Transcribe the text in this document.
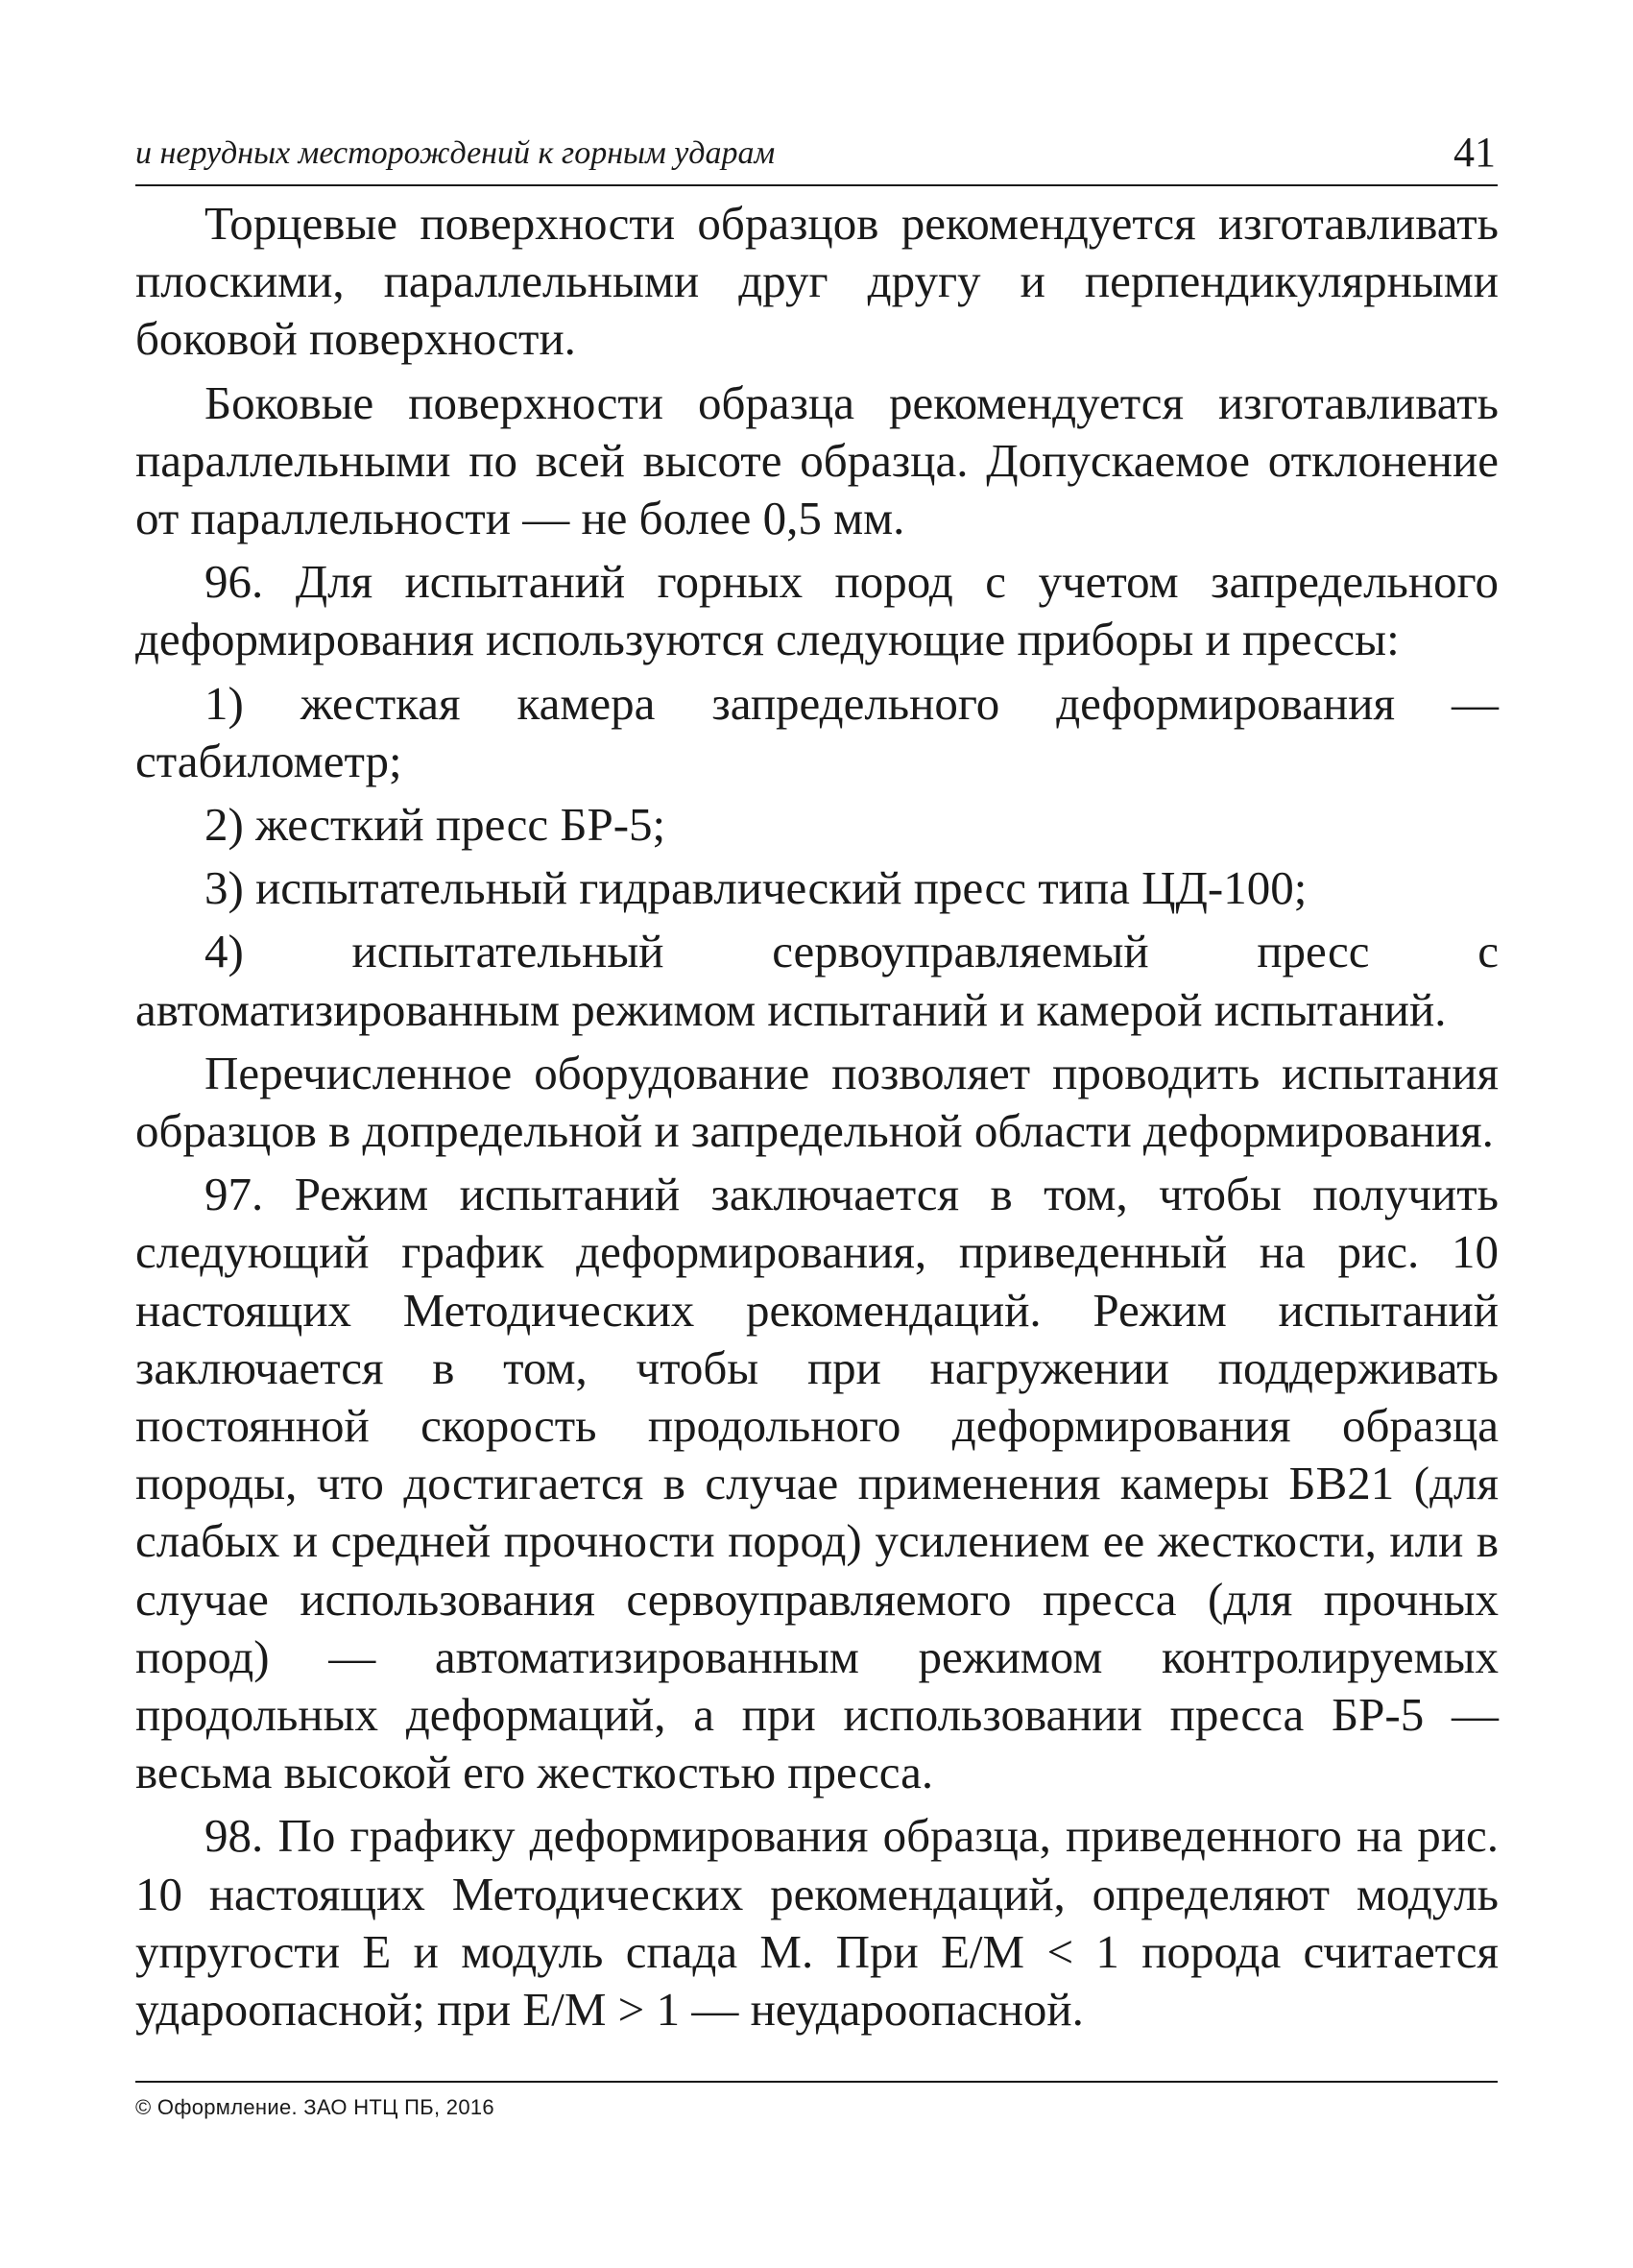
и нерудных месторождений к горным ударам	41

Торцевые поверхности образцов рекомендуется изготавливать плоскими, параллельными друг другу и перпендикулярными боковой поверхности.

Боковые поверхности образца рекомендуется изготавливать параллельными по всей высоте образца. Допускаемое отклонение от параллельности — не более 0,5 мм.

96. Для испытаний горных пород с учетом запредельного деформирования используются следующие приборы и прессы:

1) жесткая камера запредельного деформирования — стабилометр;

2) жесткий пресс БР-5;

3) испытательный гидравлический пресс типа ЦД-100;

4) испытательный сервоуправляемый пресс с автоматизированным режимом испытаний и камерой испытаний.

Перечисленное оборудование позволяет проводить испытания образцов в допредельной и запредельной области деформирования.

97. Режим испытаний заключается в том, чтобы получить следующий график деформирования, приведенный на рис. 10 настоящих Методических рекомендаций. Режим испытаний заключается в том, чтобы при нагружении поддерживать постоянной скорость продольного деформирования образца породы, что достигается в случае применения камеры БВ21 (для слабых и средней прочности пород) усилением ее жесткости, или в случае использования сервоуправляемого пресса (для прочных пород) — автоматизированным режимом контролируемых продольных деформаций, а при использовании пресса БР-5 — весьма высокой его жесткостью пресса.

98. По графику деформирования образца, приведенного на рис. 10 настоящих Методических рекомендаций, определяют модуль упругости Е и модуль спада М. При Е/М < 1 порода считается удароопасной; при Е/М > 1 — неудароопасной.

© Оформление. ЗАО НТЦ ПБ, 2016
